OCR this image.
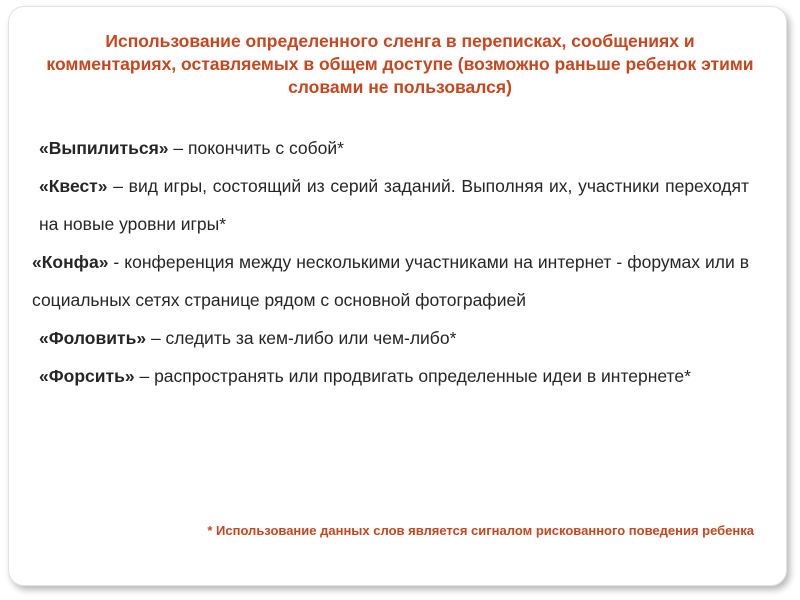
Использование определенного сленга в переписках, сообщениях и комментариях, оставляемых в общем доступе (возможно раньше ребенок этими словами не пользовался)
«Выпилиться» – покончить с собой*
«Квест» – вид игры, состоящий из серий заданий. Выполняя их, участники переходят на новые уровни игры*
«Конфа» - конференция между несколькими участниками на интернет - форумах или в социальных сетях странице рядом с основной фотографией
«Фоловить» – следить за кем-либо или чем-либо*
«Форсить» – распространять или продвигать определенные идеи в интернете*
* Использование данных слов является сигналом рискованного поведения ребенка
